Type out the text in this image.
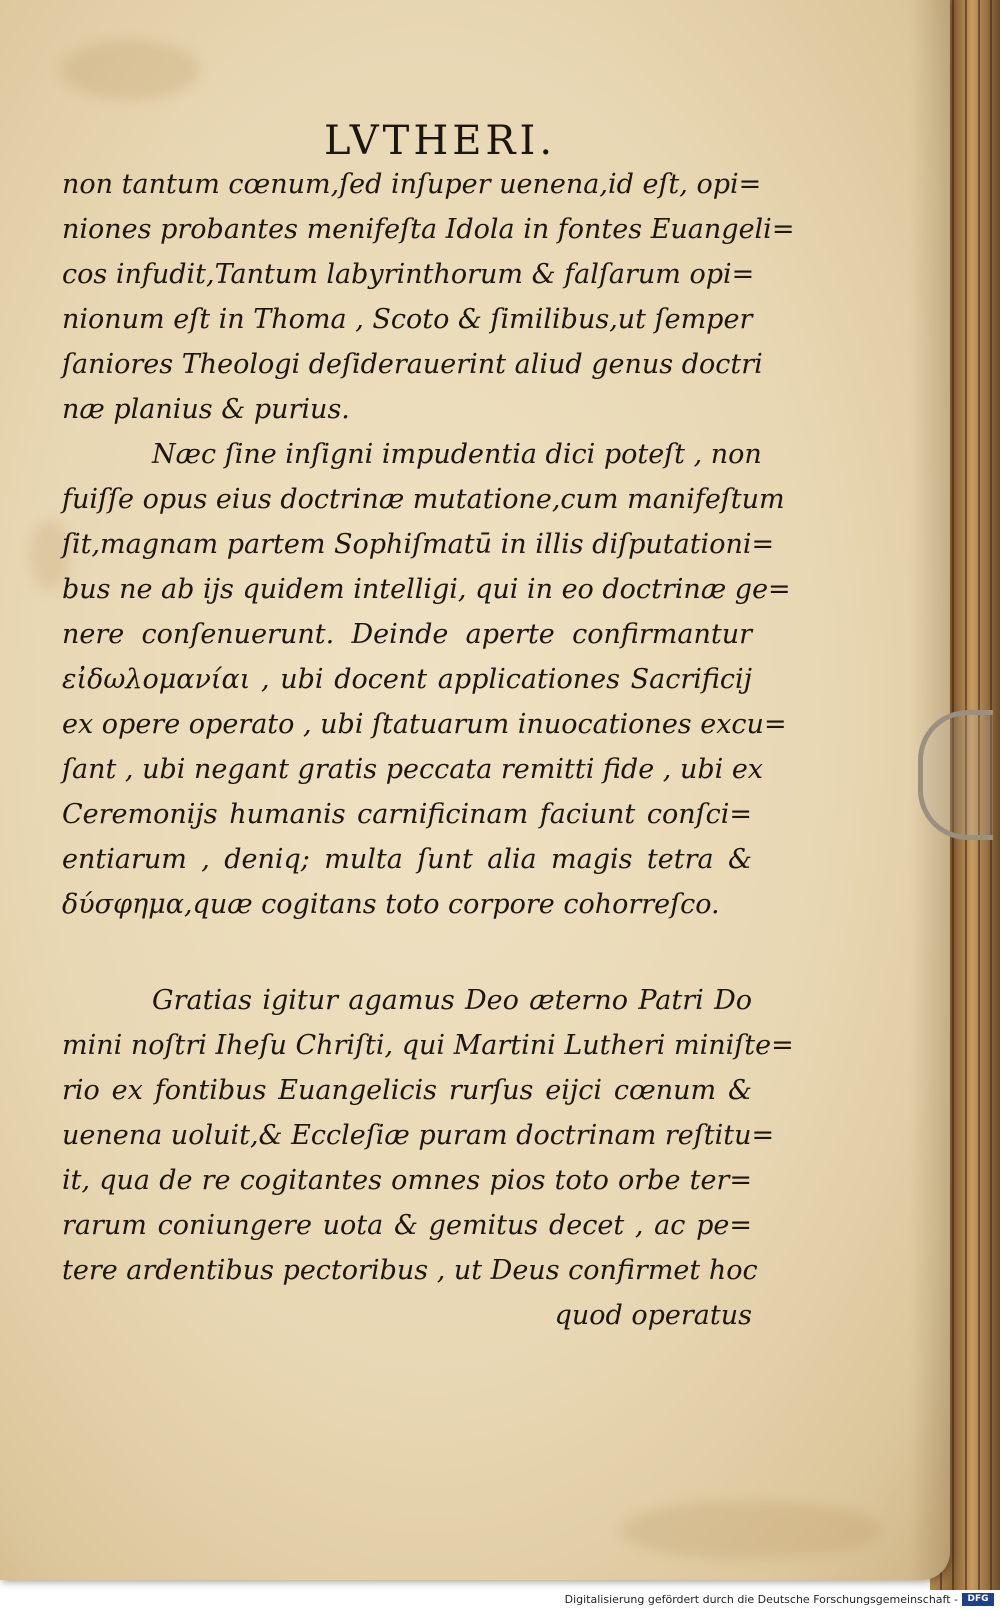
LVTHERI.
non tantum cœnum,ſed inſuper uenena,id eſt, opi=
niones probantes menifeſta Idola in fontes Euangeli=
cos infudit,Tantum labyrinthorum & falſarum opi=
nionum eſt in Thoma , Scoto & ſimilibus,ut ſemper
ſaniores Theologi deſiderauerint aliud genus doctri
næ planius & purius.
Næc ſine inſigni impudentia dici poteſt , non
fuiſſe opus eius doctrinæ mutatione,cum manifeſtum
ſit,magnam partem Sophiſmatū in illis diſputationi=
bus ne ab ijs quidem intelligi, qui in eo doctrinæ ge=
nere conſenuerunt. Deinde aperte confirmantur
εἰδωλομανίαι , ubi docent applicationes Sacrificij
ex opere operato , ubi ſtatuarum inuocationes excu=
ſant , ubi negant gratis peccata remitti fide , ubi ex
Ceremonijs humanis carnificinam faciunt conſci=
entiarum , deniq; multa ſunt alia magis tetra &
δύσφημα,quæ cogitans toto corpore cohorreſco.
Gratias igitur agamus Deo æterno Patri Do
mini noſtri Iheſu Chriſti, qui Martini Lutheri miniſte=
rio ex fontibus Euangelicis rurſus eijci cœnum &
uenena uoluit,& Eccleſiæ puram doctrinam reſtitu=
it, qua de re cogitantes omnes pios toto orbe ter=
rarum coniungere uota & gemitus decet , ac pe=
tere ardentibus pectoribus , ut Deus confirmet hoc
quod operatus
Digitalisierung gefördert durch die Deutsche Forschungsgemeinschaft -	DFG
